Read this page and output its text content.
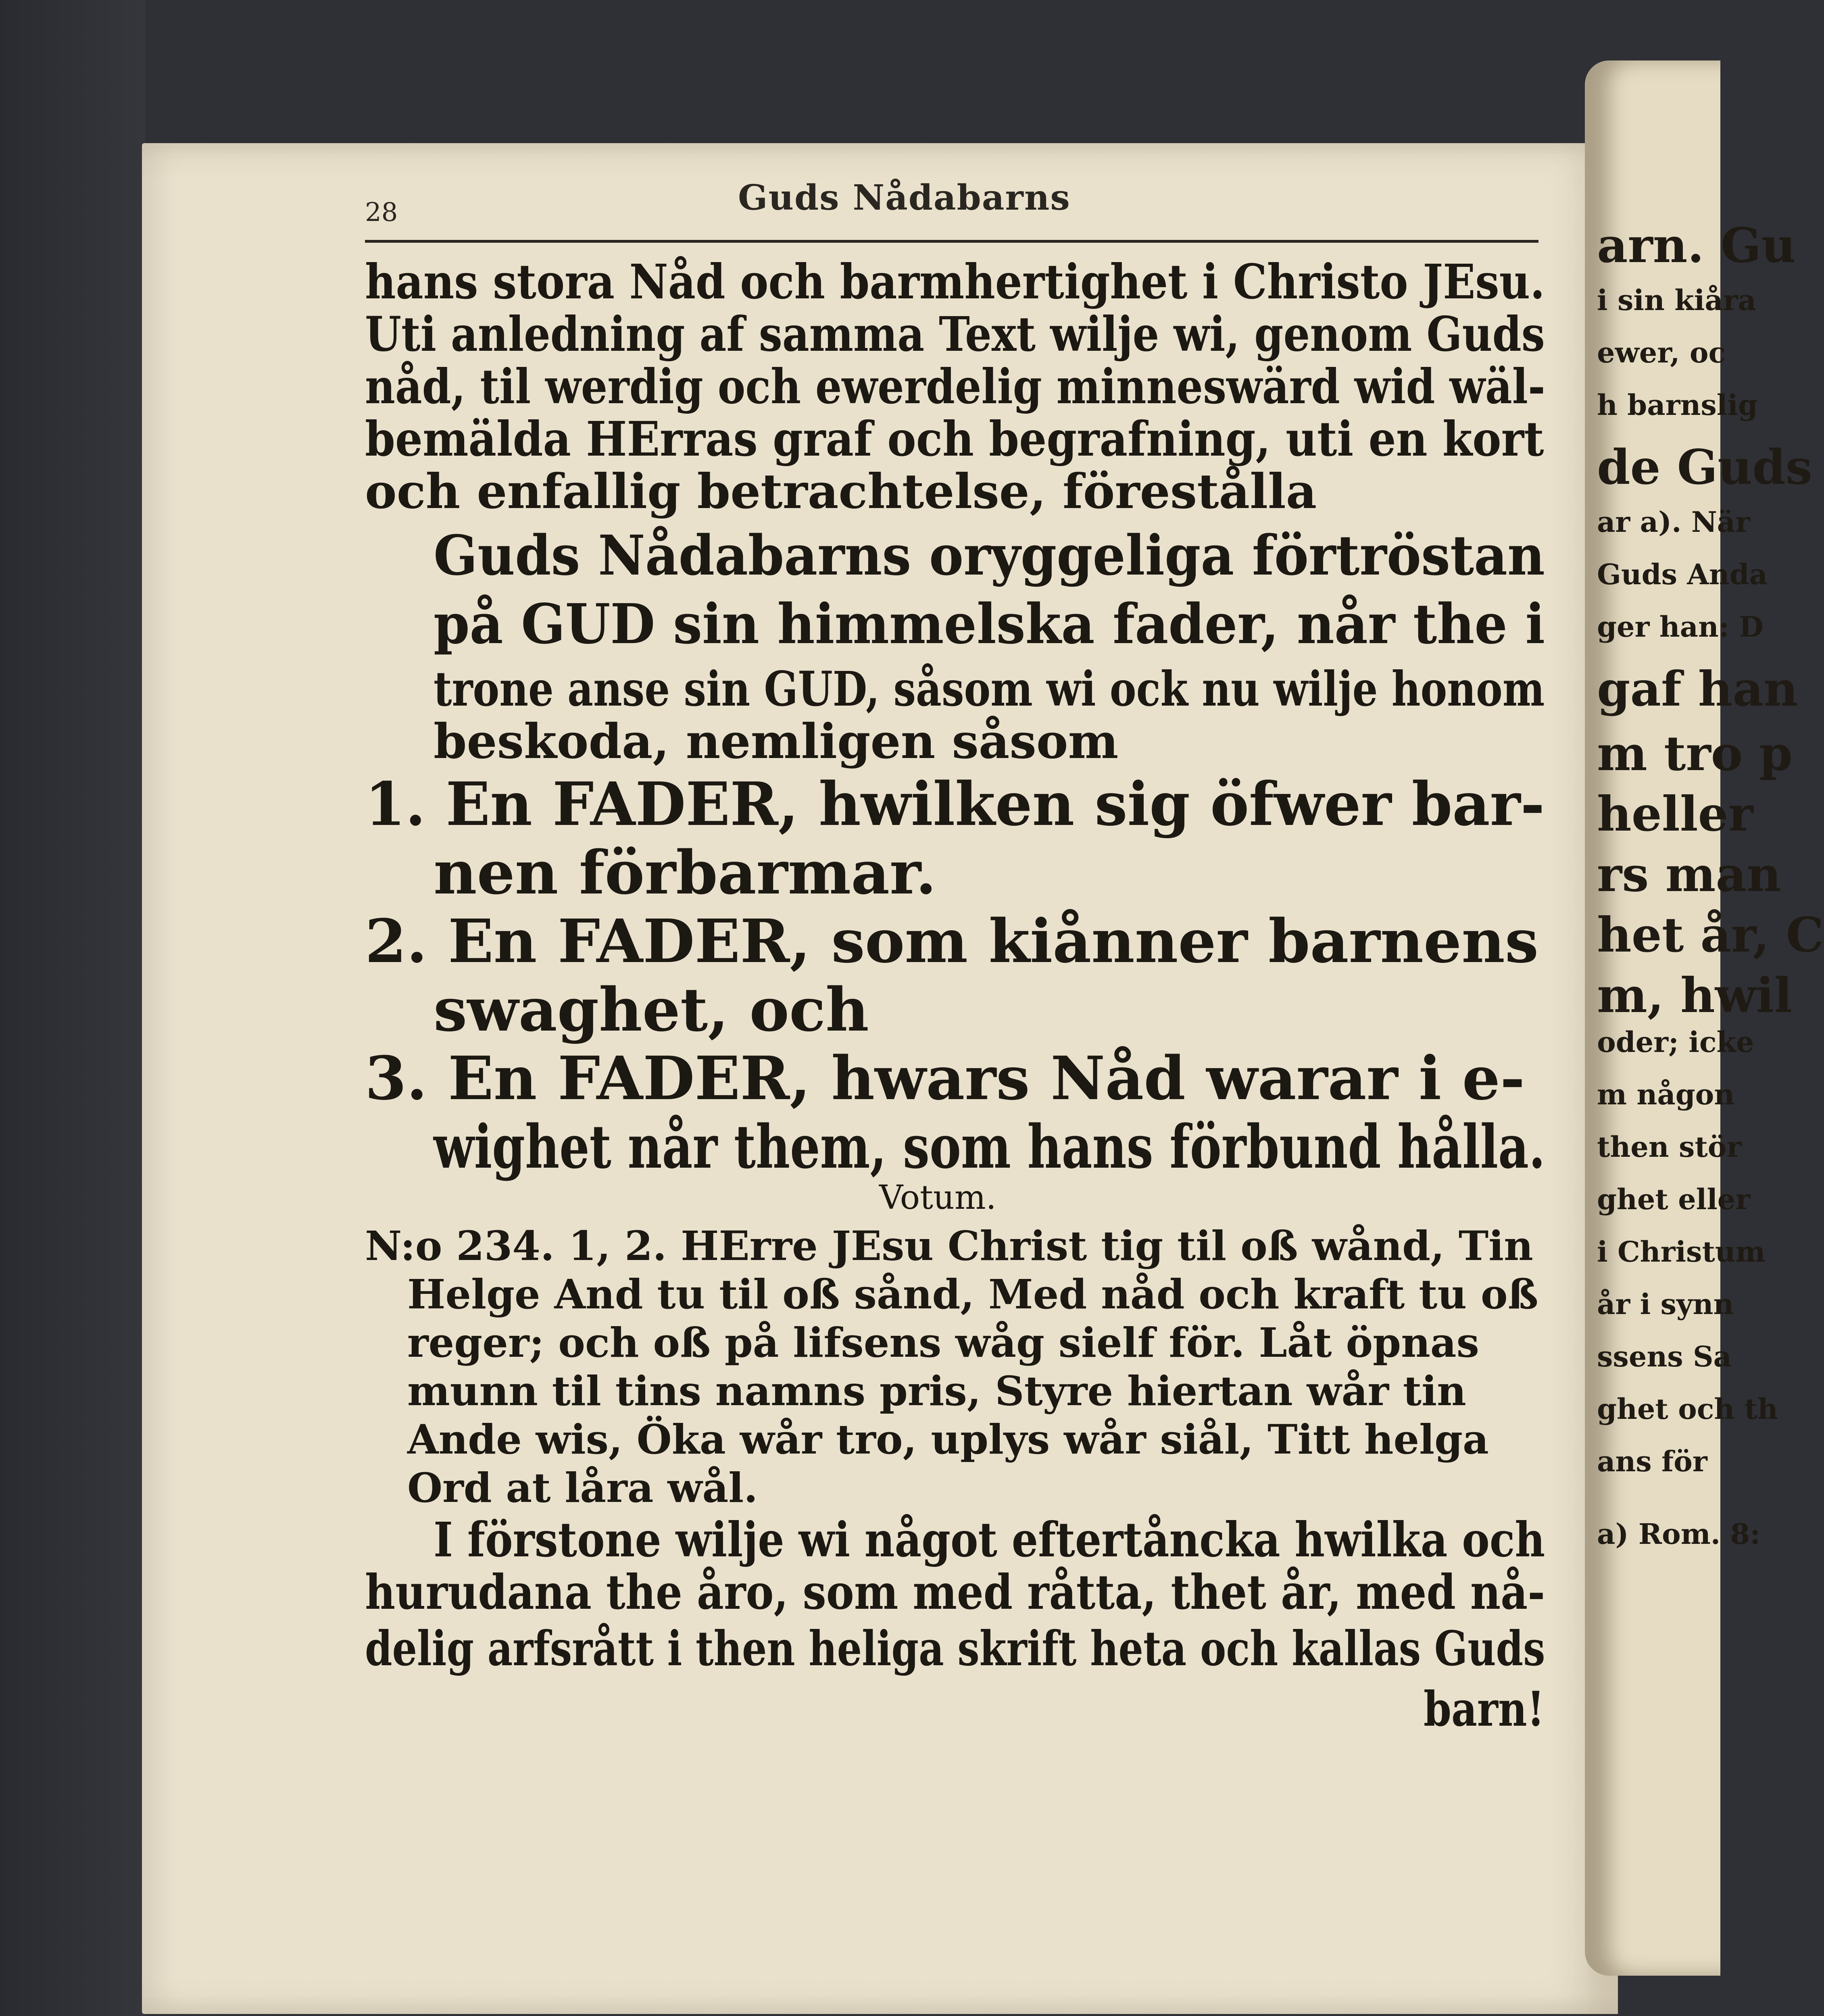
arn. Gu
i sin kiåra
ewer, oc
h barnslig
de Guds
ar a). När
Guds Anda
ger han: D
gaf han
m tro p
heller
rs man
het år, C
m, hwil
oder; icke
m någon
then stör
ghet eller
i Christum
år i synn
ssens Sa
ghet och th
ans för
a) Rom. 8:
28	Guds Nådabarns
hans stora Nåd och barmhertighet i Christo JEsu.
Uti anledning af samma Text wilje wi, genom Guds
nåd, til werdig och ewerdelig minneswärd wid wäl-
bemälda HErras graf och begrafning, uti en kort
och enfallig betrachtelse, förestålla
Guds Nådabarns oryggeliga förtröstan
på GUD sin himmelska fader, når the i
trone anse sin GUD, såsom wi ock nu wilje honom
beskoda, nemligen såsom
1. En FADER, hwilken sig öfwer bar-
nen förbarmar.
2. En FADER, som kiånner barnens
swaghet, och
3. En FADER, hwars Nåd warar i e-
wighet når them, som hans förbund hålla.
Votum.
N:o 234. 1, 2. HErre JEsu Christ tig til oß wånd, Tin
Helge And tu til oß sånd, Med nåd och kraft tu oß
reger; och oß på lifsens wåg sielf för. Låt öpnas
munn til tins namns pris, Styre hiertan wår tin
Ande wis, Öka wår tro, uplys wår siål, Titt helga
Ord at låra wål.
I förstone wilje wi något eftertåncka hwilka och
hurudana the åro, som med råtta, thet år, med nå-
delig arfsrått i then heliga skrift heta och kallas Guds
barn!
